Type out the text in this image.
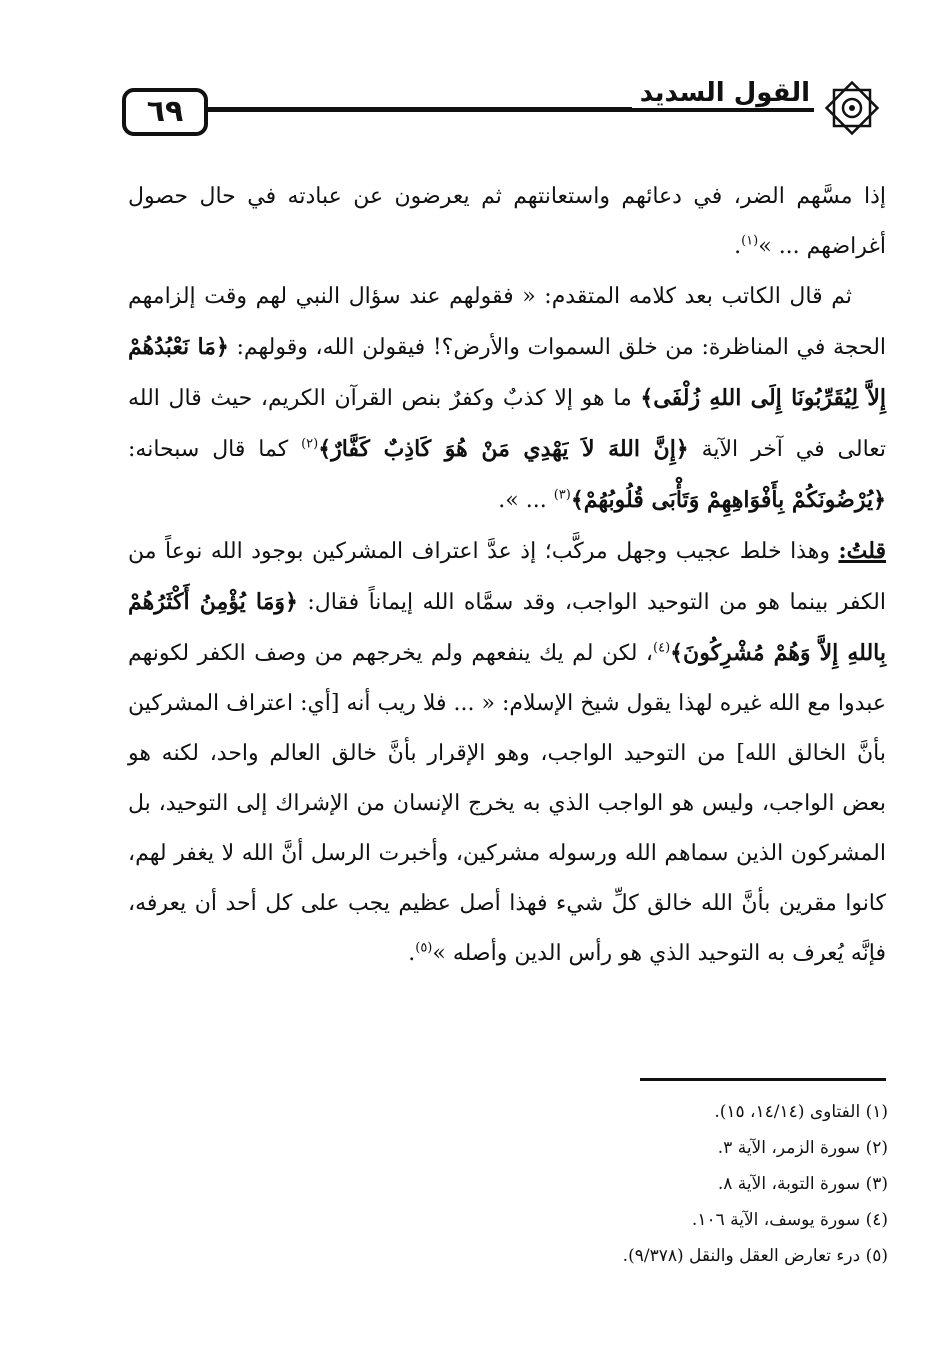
٦٩
القول السديد

إذا مسَّهم الضر، في دعائهم واستعانتهم ثم يعرضون عن عبادته في حال حصول أغراضهم ... »$^{(١)}$.

ثم قال الكاتب بعد كلامه المتقدم: « فقولهم عند سؤال النبي لهم وقت إلزامهم الحجة في المناظرة: من خلق السموات والأرض؟! فيقولن الله، وقولهم: ﴿مَا نَعْبُدُهُمْ إِلاَّ لِيُقَرِّبُونَا إِلَى اللهِ زُلْفَى﴾ ما هو إلا كذبٌ وكفرٌ بنص القرآن الكريم، حيث قال الله تعالى في آخر الآية ﴿إِنَّ اللهَ لاَ يَهْدِي مَنْ هُوَ كَاذِبٌ كَفَّارٌ﴾$^{(٢)}$ كما قال سبحانه: ﴿يُرْضُونَكُمْ بِأَفْوَاهِهِمْ وَتَأْبَى قُلُوبُهُمْ﴾$^{(٣)}$ ... ».

قلتُ: وهذا خلط عجيب وجهل مركَّب؛ إذ عدَّ اعتراف المشركين بوجود الله نوعاً من الكفر بينما هو من التوحيد الواجب، وقد سمَّاه الله إيماناً فقال: ﴿وَمَا يُؤْمِنُ أَكْثَرُهُمْ بِاللهِ إِلاَّ وَهُمْ مُشْرِكُونَ﴾$^{(٤)}$، لكن لم يك ينفعهم ولم يخرجهم من وصف الكفر لكونهم عبدوا مع الله غيره لهذا يقول شيخ الإسلام: « ... فلا ريب أنه [أي: اعتراف المشركين بأنَّ الخالق الله] من التوحيد الواجب، وهو الإقرار بأنَّ خالق العالم واحد، لكنه هو بعض الواجب، وليس هو الواجب الذي به يخرج الإنسان من الإشراك إلى التوحيد، بل المشركون الذين سماهم الله ورسوله مشركين، وأخبرت الرسل أنَّ الله لا يغفر لهم، كانوا مقرين بأنَّ الله خالق كلِّ شيء فهذا أصل عظيم يجب على كل أحد أن يعرفه، فإنَّه يُعرف به التوحيد الذي هو رأس الدين وأصله »$^{(٥)}$.

(١) الفتاوى (١٤/١٤، ١٥).
(٢) سورة الزمر، الآية ٣.
(٣) سورة التوبة، الآية ٨.
(٤) سورة يوسف، الآية ١٠٦.
(٥) درء تعارض العقل والنقل (٩/٣٧٨).
